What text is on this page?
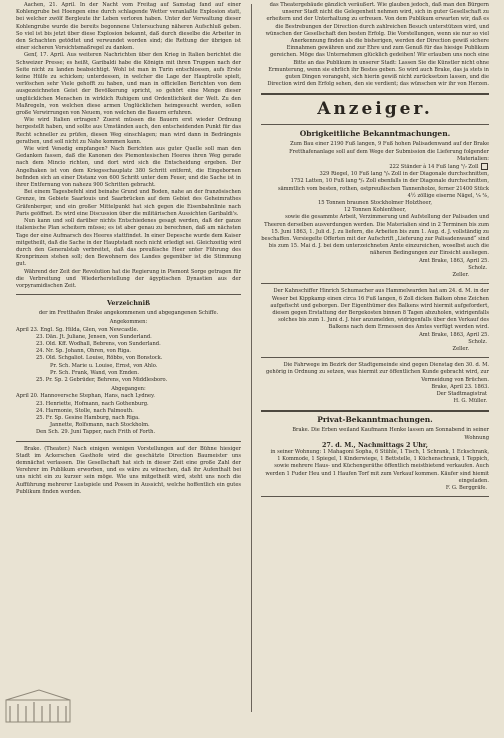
Aachen, 21. April. In der Nacht vom Freitag auf Samstag fand auf einer Kohlengrube bei Hoengen eine durch schlagende Wetter veranlaßte Explosion statt, bei welcher zwölf Bergleute ihr Leben verloren haben. Unter der Verwaltung dieser Kohlengrube wurde die bereits begonnene Untersuchung näheren Aufschluß geben. So viel ist bis jetzt über diese Explosion bekannt, daß durch dieselbe die Arbeiter in den Schachten getödtet und verwundet worden sind; die Rettung der übrigen ist einer sicheren Vorsichtsmaßregel zu danken.

Genf, 17. April. Aus weiteren Nachrichten über den Krieg in Italien berichtet die Schweizer Presse; es heißt, Garibaldi habe die Königin mit ihren Truppen nach der Seite nicht zu landen beabsichtigt. Wohl ist man in Turin entschlossen, aufs Erste keine Hülfe zu schicken; unterdessen, in welcher die Lage der Hauptrolle spielt, verlöschen sehr Viele gehofft zu haben, und man in officiellen Berichten von dem ausgezeichneten Geist der Bevölkerung spricht, so gehört eine Menge dieser unglücklichen Menschen in wirklich Ruhigem und Ordentlichkeit der Welt. Zu den Maßregeln, von welchen diese armen Unglücklichen heimgesucht werden, sollen große Verwirrungen von Neuem, von welchen die Bauern erfuhren.

Wie wird Italien ertragen? Zuerst müssen die Bauern erst wieder Ordnung hergestellt haben, und sollte aus Umständen auch, den entscheidenden Punkt für das Recht schneller zu prüfen, diesen Weg einschlagen; man wird dann in Bedrängnis gerathen, und soll nicht zu Nahe kommen kann.

Wie wird Venedig empfangen? Nach Berichten aus guter Quelle soll man den Gedanken fassen, daß die Kanonen des Piemontesischen Heeres ihren Weg gerade nach dem Mincio richten, und dort wird sich die Entscheidung ergeben. Der Angelhaken ist von dem Kriegsschauplatz 380 Schritt entfernt, die Eingebornen befinden sich an einer Distanz von 600 Schritt unter dem Feuer, und die Sache ist in ihrer Entfernung von nahezu 900 Schritten gebracht.

Bei einem Tagesbefehl sind beinahe Grund und Boden, nahe an der französischen Grenze, im Gebiete Saarlouis und Saarbrücken auf dem Gebiet des Geheimrathes Gräfenberger, und ein großer Mittelpunkt hat sich gegen die Eisenbahnlinie nach Paris geöffnet. Es wird eine Discussion über die militärischen Aussichten Garibaldi's.

Nun kann und soll darüber nichts Entschiedenes gesagt werden, daß der ganze italienische Plan scheitern müsse; es ist aber genau zu berechnen, daß am nächsten Tage der eine Aufmarsch des Heeres stattfindet. In einer Depesche wurde dem Kaiser mitgetheilt, daß die Sache in der Hauptstadt noch nicht erledigt sei. Gleichzeitig wird durch den Generalstab verbreitet, daß das preußische Heer unter Führung des Kronprinzen stehen soll; den Bewohnern des Landes gegenüber ist die Stimmung gut.

Während der Zeit der Revolution hat die Regierung in Piemont Sorge getragen für die Verbreitung und Wiederherstellung der ägyptischen Dynastien aus der vorpyramidischen Zeit.

Verzeichniß

der im Fretthafen Brake angekommenen und abgegangenen Schiffe.

Angekommen:

April 23. Engl. Sg. Hilda, Glen, von Newcastle.

23. Dän. Jt. Juliane, Jensen, von Sunderland.

23. Old. Kff. Wodhall, Bebrens, von Sunderland.

24. Nr. Sp. Johann, Ohren, von Riga.

25. Old. Schgaliot. Louise, Röbbs, von Bonstock.

Pr. Sch. Marie u. Louise, Ernst, von Ahlo.

Pr. Sch. Frank, Wand, von Emden.

25. Pr. Sp. 2 Gebrüder, Behrens, von Middlesboro.

Abgegangen:

April 20. Hannoversche Stephan, Hans, nach Lydney.

23. Henriette, Hofmann, nach Gothenburg.

24. Harmonie, Stolle, nach Falmouth.

25. Fr. Sp. Gesine Hamburg, nach Riga.

Jannette, Rolfsmann, nach Stockholm.

Den Sch. 29. Juni Tapper, nach Frith of Forth.

Brake. (Theater.) Nach einigen wenigen Vorstellungen auf der Bühne hiesiger Stadt im Ackerschen Gasthofe wird die geschätzte Direction Baumeister uns demnächst verlassen. Die Gesellschaft hat sich in dieser Zeit eine große Zahl der Verehrer im Publikum erworben, und es wäre zu wünschen, daß ihr Aufenthalt bei uns nicht ein zu kurzer sein möge. Wie uns mitgetheilt wird, steht uns noch die Aufführung mehrerer Lustspiele und Possen in Aussicht, welche hoffentlich ein gutes Publikum finden werden.

das Theatergebäude gänzlich veräußert. Wie glauben jedoch, daß man den Bürgern unserer Stadt nicht die Gelegenheit nehmen wird, sich in guter Gesellschaft zu erheitern und der Unterhaltung zu erfreuen. Von dem Publikum erwarten wir, daß es die Bestrebungen der Direction durch zahlreichen Besuch unterstützen wird, und wünschen der Gesellschaft den besten Erfolg. Die Vorstellungen, wenn sie nur so viel Anerkennung finden als die bisherigen, werden der Direction gewiß sichere Einnahmen gewähren und zur Ehre und zum Genuß für das hiesige Publikum gereichen. Möge das Unternehmen glücklich gedeihen! Wir erlauben uns noch eine Bitte an das Publikum in unserer Stadt: Lassen Sie die Künstler nicht ohne Ermunterung, wenn sie ehrlich ihr Bestes geben. So wird auch Brake, das ja stets in guten Dingen vorangeht, sich hierin gewiß nicht zurücksetzen lassen, und die Direction wird den Erfolg sehen, den sie verdient; das wünschen wir ihr von Herzen.

Anzeiger.
Obrigkeitliche Bekanntmachungen.

Zum Bau einer 2190 Fuß langen, 9 Fuß hohen Palisadenwand auf der Brake Fretthafenanlage soll auf dem Wege der Submission die Lieferung folgender Materialien:

222 Ständer à 14 Fuß lang ⁵/₇ Zoll

329 Riegel, 10 Fuß lang ⁵/₆ Zoll in der Diagonale durchschnitten,

1752 Latten, 10 Fuß lang ⁴/₂ Zoll ebenfalls in der Diagonale durchschnitten,

sämmtlich vom besten, rothen, ostpreußischen Tannenholze, ferner 21400 Stück 4½ zöllige eiserne Nägel, ¹⁄₈ ²⁄₈,

15 Tonnen braunen Stockholmer Holztheer,

12 Tonnen Kohlentheer,

sowie die gesammte Arbeit, Verzimmerung und Aufstellung der Palisaden und Theeren derselben ausverdungen werden. Die Materialien sind in 2 Terminen bis zum 15. Juni 1863, 1. Juli d. J. zu liefern, die Arbeiten bis zum 1. Aug. d. J. vollständig zu beschaffen. Versiegelte Offerten mit der Aufschrift „Lieferung zur Palisadenwand“ sind bis zum 15. Mai d. J. bei dem unterzeichneten Amte einzureichen, woselbst auch die näheren Bedingungen zur Einsicht ausliegen.

Amt Brake, 1863, April 25.

Scholz.

Zeller.

Der Kahnschiffer Hinrich Schumacher aus Hammelwarden hat am 24. d. M. in der Weser bei Kippkamp einen circa 16 Fuß langen, 6 Zoll dicken Balken ohne Zeichen aufgefischt und geborgen. Der Eigenthümer des Balkens wird hiermit aufgefordert, diesen gegen Erstattung der Bergekosten binnen 8 Tagen abzuholen, widrigenfalls solches bis zum 1. Juni d. J. hier anzumelden, widrigenfalls über den Verkauf des Balkens nach dem Ermessen des Amtes verfügt werden wird.

Amt Brake, 1863, April 25.

Scholz.

Zeller.

Die Fahrwege im Bezirk der Stadtgemeinde sind gegen Dienstag den 30. d. M. gehörig in Ordnung zu setzen, was hiermit zur öffentlichen Kunde gebracht wird, zur Vermeidung von Brüchen.

Brake, April 23. 1863.

Der Stadtmagistrat

H. G. Müller.

Privat-Bekanntmachungen.

Brake. Die Erben weiland Kaufmann Henke lassen am Sonnabend in seiner Wohnung

27. d. M., Nachmittags 2 Uhr,

in seiner Wohnung: 1 Mahagoni Sopha, 6 Stühle, 1 Tisch, 1 Schrank, 1 Eckschrank, 1 Kommode, 1 Spiegel, 1 Kinderwiege, 1 Bettstelle, 1 Küchenschrank, 1 Teppich, sowie mehrere Haus- und Küchengeräthe öffentlich meistbietend verkaufen. Auch werden 1 Fuder Heu und 1 Haufen Torf mit zum Verkauf kommen. Käufer sind hiemit eingeladen.

F. G. Berggräfe.
